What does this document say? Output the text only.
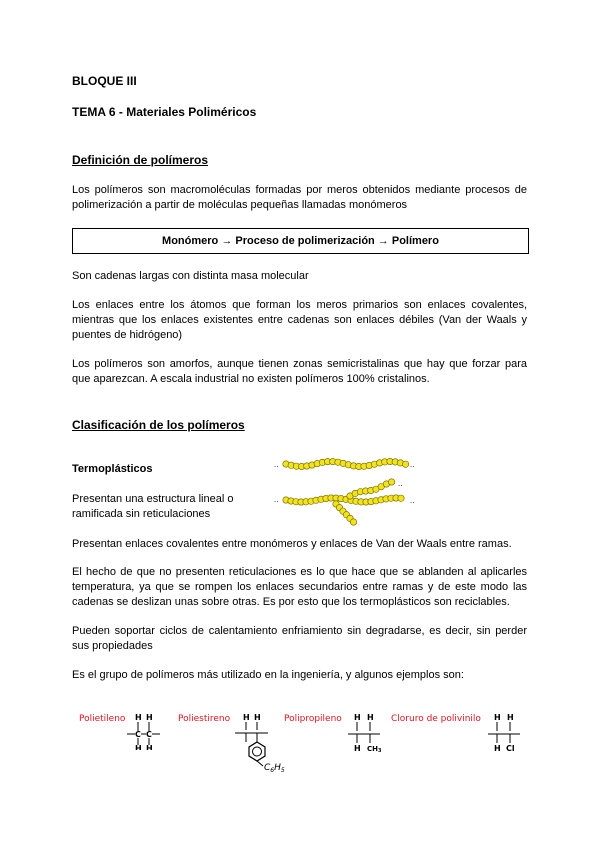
BLOQUE III
TEMA 6 - Materiales Poliméricos
Definición de polímeros
Los polímeros son macromoléculas formadas por meros obtenidos mediante procesos de polimerización a partir de moléculas pequeñas llamadas monómeros
Monómero → Proceso de polimerización → Polímero
Son cadenas largas con distinta masa molecular
Los enlaces entre los átomos que forman los meros primarios son enlaces covalentes, mientras que los enlaces existentes entre cadenas son enlaces débiles (Van der Waals y puentes de hidrógeno)
Los polímeros son amorfos, aunque tienen zonas semicristalinas que hay que forzar para que aparezcan. A escala industrial no existen polímeros 100% cristalinos.
Clasificación de los polímeros
Termoplásticos
Presentan una estructura lineal o ramificada sin reticulaciones
..	..
..
..
..
Presentan enlaces covalentes entre monómeros y enlaces de Van der Waals entre ramas.
El hecho de que no presenten reticulaciones es lo que hace que se ablanden al aplicarles temperatura, ya que se rompen los enlaces secundarios entre ramas y de este modo las cadenas se deslizan unas sobre otras. Es por esto que los termoplásticos son reciclables.
Pueden soportar ciclos de calentamiento enfriamiento sin degradarse, es decir, sin perder sus propiedades
Es el grupo de polímeros más utilizado en la ingeniería, y algunos ejemplos son:
Polietileno	Poliestireno	Polipropileno	Cloruro de polivinilo
H H
C C
H H
H H
$C_6H_5$
H H
H CH3
H H
H Cl
